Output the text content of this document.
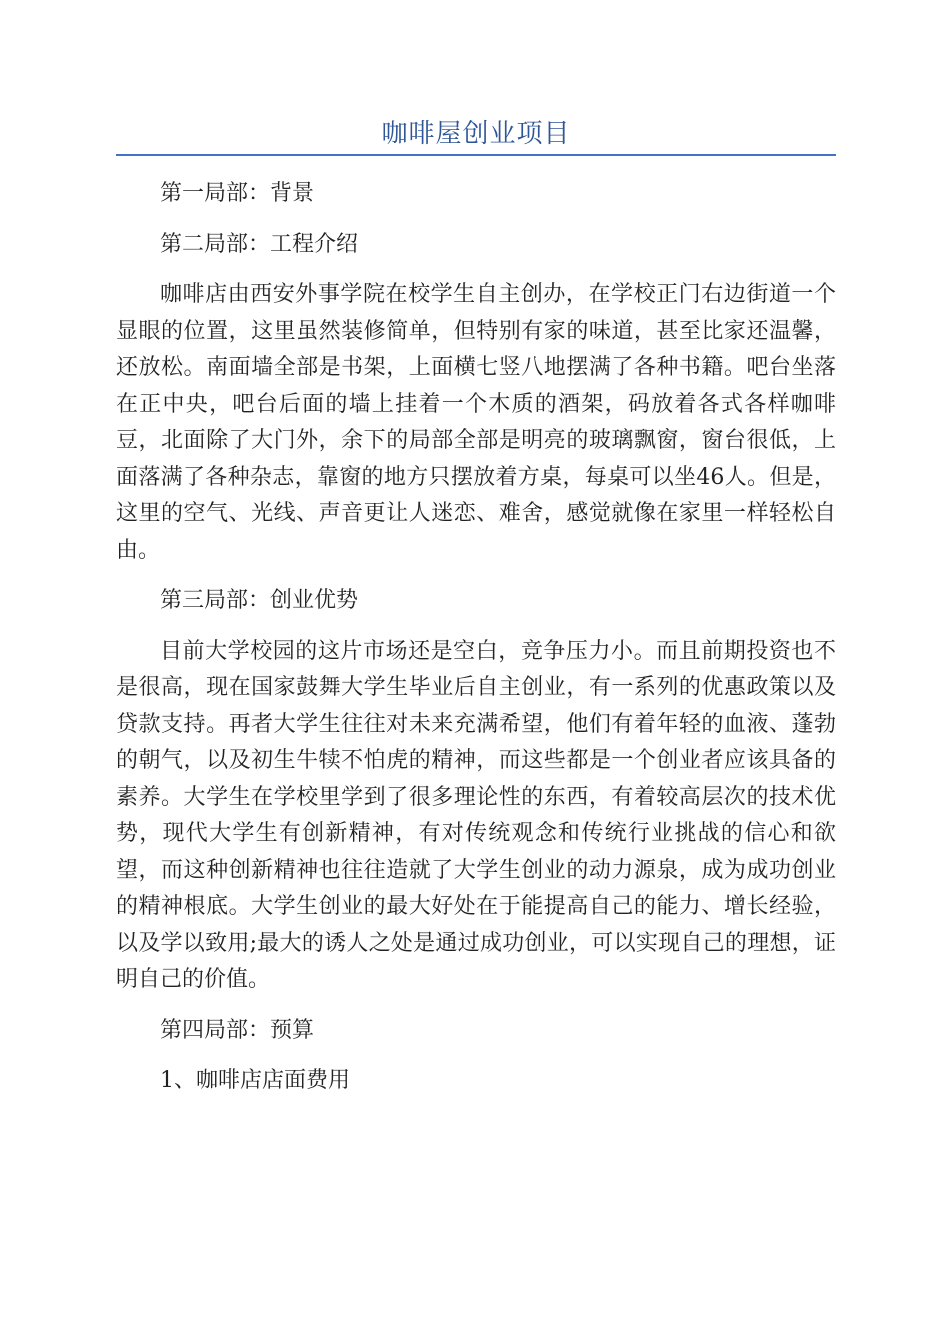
咖啡屋创业项目

第一局部：背景

第二局部：工程介绍

咖啡店由西安外事学院在校学生自主创办，在学校正门右边街道一个显眼的位置，这里虽然装修简单，但特别有家的味道，甚至比家还温馨，还放松。南面墙全部是书架，上面横七竖八地摆满了各种书籍。吧台坐落在正中央，吧台后面的墙上挂着一个木质的酒架，码放着各式各样咖啡豆，北面除了大门外，余下的局部全部是明亮的玻璃飘窗，窗台很低，上面落满了各种杂志，靠窗的地方只摆放着方桌，每桌可以坐46人。但是，这里的空气、光线、声音更让人迷恋、难舍，感觉就像在家里一样轻松自由。

第三局部：创业优势

目前大学校园的这片市场还是空白，竞争压力小。而且前期投资也不是很高，现在国家鼓舞大学生毕业后自主创业，有一系列的优惠政策以及贷款支持。再者大学生往往对未来充满希望，他们有着年轻的血液、蓬勃的朝气，以及初生牛犊不怕虎的精神，而这些都是一个创业者应该具备的素养。大学生在学校里学到了很多理论性的东西，有着较高层次的技术优势，现代大学生有创新精神，有对传统观念和传统行业挑战的信心和欲望，而这种创新精神也往往造就了大学生创业的动力源泉，成为成功创业的精神根底。大学生创业的最大好处在于能提高自己的能力、增长经验，以及学以致用;最大的诱人之处是通过成功创业，可以实现自己的理想，证明自己的价值。

第四局部：预算

1、咖啡店店面费用
